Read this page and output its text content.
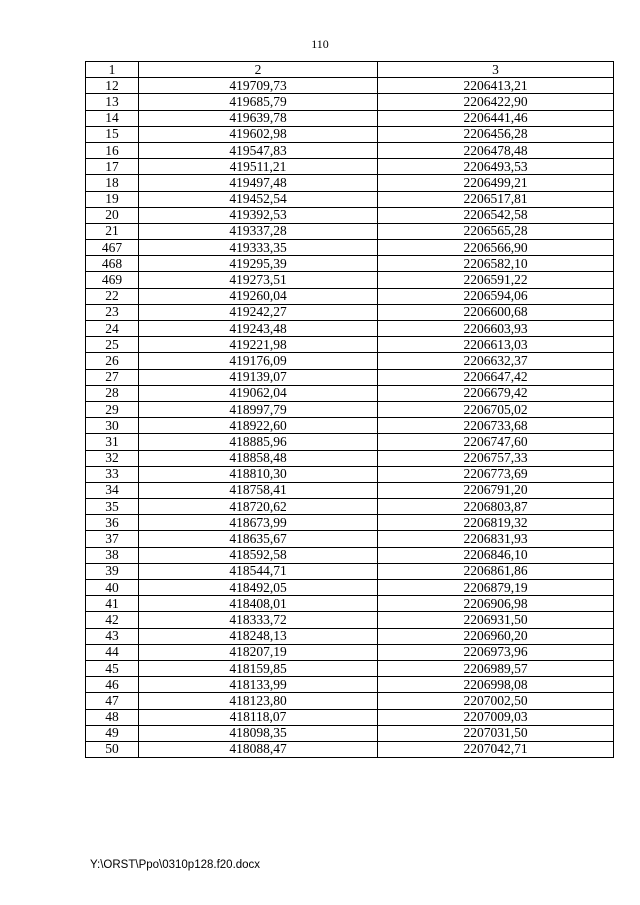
110
1	2	3
12	419709,73	2206413,21
13	419685,79	2206422,90
14	419639,78	2206441,46
15	419602,98	2206456,28
16	419547,83	2206478,48
17	419511,21	2206493,53
18	419497,48	2206499,21
19	419452,54	2206517,81
20	419392,53	2206542,58
21	419337,28	2206565,28
467	419333,35	2206566,90
468	419295,39	2206582,10
469	419273,51	2206591,22
22	419260,04	2206594,06
23	419242,27	2206600,68
24	419243,48	2206603,93
25	419221,98	2206613,03
26	419176,09	2206632,37
27	419139,07	2206647,42
28	419062,04	2206679,42
29	418997,79	2206705,02
30	418922,60	2206733,68
31	418885,96	2206747,60
32	418858,48	2206757,33
33	418810,30	2206773,69
34	418758,41	2206791,20
35	418720,62	2206803,87
36	418673,99	2206819,32
37	418635,67	2206831,93
38	418592,58	2206846,10
39	418544,71	2206861,86
40	418492,05	2206879,19
41	418408,01	2206906,98
42	418333,72	2206931,50
43	418248,13	2206960,20
44	418207,19	2206973,96
45	418159,85	2206989,57
46	418133,99	2206998,08
47	418123,80	2207002,50
48	418118,07	2207009,03
49	418098,35	2207031,50
50	418088,47	2207042,71
Y:\ORST\Ppo\0310p128.f20.docx
